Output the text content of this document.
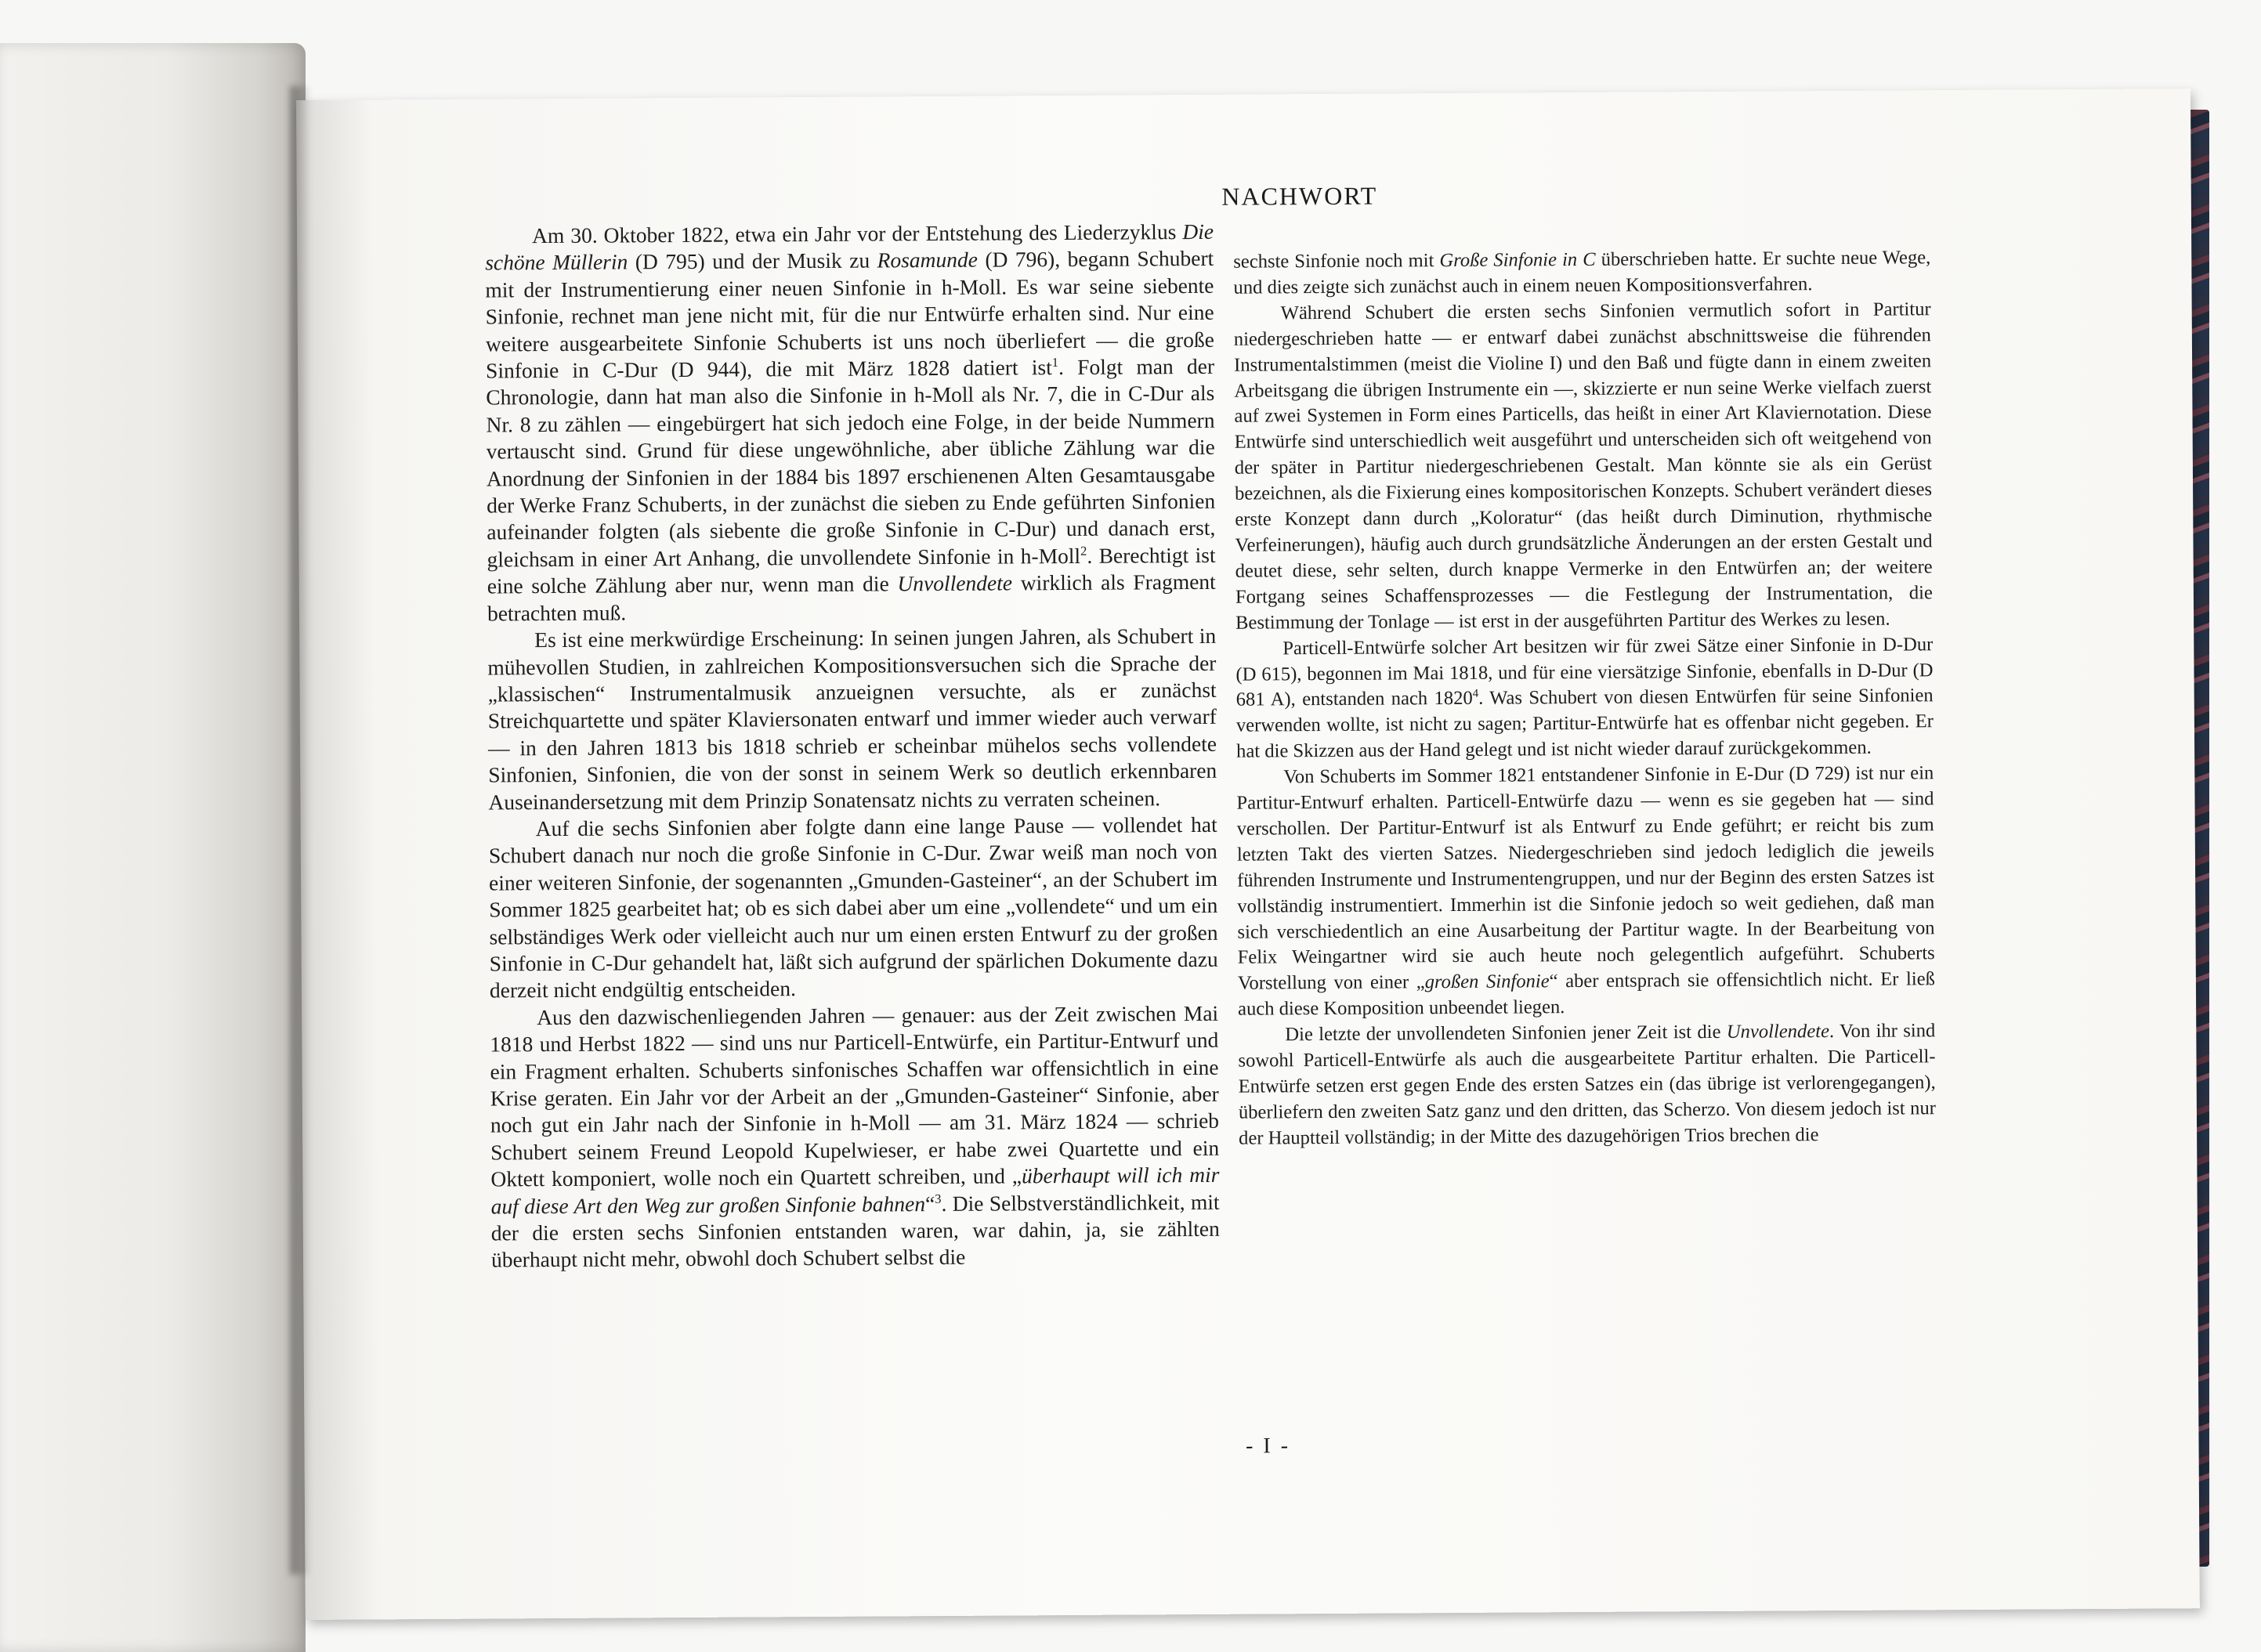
NACHWORT

Am 30. Oktober 1822, etwa ein Jahr vor der Entstehung des Liederzyklus Die schöne Müllerin (D 795) und der Musik zu Rosamunde (D 796), begann Schubert mit der Instrumentierung einer neuen Sinfonie in h-Moll. Es war seine siebente Sinfonie, rechnet man jene nicht mit, für die nur Entwürfe erhalten sind. Nur eine weitere ausgearbeitete Sinfonie Schuberts ist uns noch überliefert — die große Sinfonie in C-Dur (D 944), die mit März 1828 datiert ist$^1$. Folgt man der Chronologie, dann hat man also die Sinfonie in h-Moll als Nr. 7, die in C-Dur als Nr. 8 zu zählen — eingebürgert hat sich jedoch eine Folge, in der beide Nummern vertauscht sind. Grund für diese ungewöhnliche, aber übliche Zählung war die Anordnung der Sinfonien in der 1884 bis 1897 erschienenen Alten Gesamtausgabe der Werke Franz Schuberts, in der zunächst die sieben zu Ende geführten Sinfonien aufeinander folgten (als siebente die große Sinfonie in C-Dur) und danach erst, gleichsam in einer Art Anhang, die unvollendete Sinfonie in h-Moll$^2$. Berechtigt ist eine solche Zählung aber nur, wenn man die Unvollendete wirklich als Fragment betrachten muß.

Es ist eine merkwürdige Erscheinung: In seinen jungen Jahren, als Schubert in mühevollen Studien, in zahlreichen Kompositionsversuchen sich die Sprache der „klassischen“ Instrumentalmusik anzueignen versuchte, als er zunächst Streichquartette und später Klaviersonaten entwarf und immer wieder auch verwarf — in den Jahren 1813 bis 1818 schrieb er scheinbar mühelos sechs vollendete Sinfonien, Sinfonien, die von der sonst in seinem Werk so deutlich erkennbaren Auseinandersetzung mit dem Prinzip Sonatensatz nichts zu verraten scheinen.

Auf die sechs Sinfonien aber folgte dann eine lange Pause — vollendet hat Schubert danach nur noch die große Sinfonie in C-Dur. Zwar weiß man noch von einer weiteren Sinfonie, der sogenannten „Gmunden-Gasteiner“, an der Schubert im Sommer 1825 gearbeitet hat; ob es sich dabei aber um eine „vollendete“ und um ein selbständiges Werk oder vielleicht auch nur um einen ersten Entwurf zu der großen Sinfonie in C-Dur gehandelt hat, läßt sich aufgrund der spärlichen Dokumente dazu derzeit nicht endgültig entscheiden.

Aus den dazwischenliegenden Jahren — genauer: aus der Zeit zwischen Mai 1818 und Herbst 1822 — sind uns nur Particell-Entwürfe, ein Partitur-Entwurf und ein Fragment erhalten. Schuberts sinfonisches Schaffen war offensichtlich in eine Krise geraten. Ein Jahr vor der Arbeit an der „Gmunden-Gasteiner“ Sinfonie, aber noch gut ein Jahr nach der Sinfonie in h-Moll — am 31. März 1824 — schrieb Schubert seinem Freund Leopold Kupelwieser, er habe zwei Quartette und ein Oktett komponiert, wolle noch ein Quartett schreiben, und „überhaupt will ich mir auf diese Art den Weg zur großen Sinfonie bahnen“$^3$. Die Selbstverständlichkeit, mit der die ersten sechs Sinfonien entstanden waren, war dahin, ja, sie zählten überhaupt nicht mehr, obwohl doch Schubert selbst die

sechste Sinfonie noch mit Große Sinfonie in C überschrieben hatte. Er suchte neue Wege, und dies zeigte sich zunächst auch in einem neuen Kompositionsverfahren.

Während Schubert die ersten sechs Sinfonien vermutlich sofort in Partitur niedergeschrieben hatte — er entwarf dabei zunächst abschnittsweise die führenden Instrumentalstimmen (meist die Violine I) und den Baß und fügte dann in einem zweiten Arbeitsgang die übrigen Instrumente ein —, skizzierte er nun seine Werke vielfach zuerst auf zwei Systemen in Form eines Particells, das heißt in einer Art Klaviernotation. Diese Entwürfe sind unterschiedlich weit ausgeführt und unterscheiden sich oft weitgehend von der später in Partitur niedergeschriebenen Gestalt. Man könnte sie als ein Gerüst bezeichnen, als die Fixierung eines kompositorischen Konzepts. Schubert verändert dieses erste Konzept dann durch „Koloratur“ (das heißt durch Diminution, rhythmische Verfeinerungen), häufig auch durch grundsätzliche Änderungen an der ersten Gestalt und deutet diese, sehr selten, durch knappe Vermerke in den Entwürfen an; der weitere Fortgang seines Schaffensprozesses — die Festlegung der Instrumentation, die Bestimmung der Tonlage — ist erst in der ausgeführten Partitur des Werkes zu lesen.

Particell-Entwürfe solcher Art besitzen wir für zwei Sätze einer Sinfonie in D-Dur (D 615), begonnen im Mai 1818, und für eine viersätzige Sinfonie, ebenfalls in D-Dur (D 681 A), entstanden nach 1820$^4$. Was Schubert von diesen Entwürfen für seine Sinfonien verwenden wollte, ist nicht zu sagen; Partitur-Entwürfe hat es offenbar nicht gegeben. Er hat die Skizzen aus der Hand gelegt und ist nicht wieder darauf zurückgekommen.

Von Schuberts im Sommer 1821 entstandener Sinfonie in E-Dur (D 729) ist nur ein Partitur-Entwurf erhalten. Particell-Entwürfe dazu — wenn es sie gegeben hat — sind verschollen. Der Partitur-Entwurf ist als Entwurf zu Ende geführt; er reicht bis zum letzten Takt des vierten Satzes. Niedergeschrieben sind jedoch lediglich die jeweils führenden Instrumente und Instrumentengruppen, und nur der Beginn des ersten Satzes ist vollständig instrumentiert. Immerhin ist die Sinfonie jedoch so weit gediehen, daß man sich verschiedentlich an eine Ausarbeitung der Partitur wagte. In der Bearbeitung von Felix Weingartner wird sie auch heute noch gelegentlich aufgeführt. Schuberts Vorstellung von einer „großen Sinfonie“ aber entsprach sie offensichtlich nicht. Er ließ auch diese Komposition unbeendet liegen.

Die letzte der unvollendeten Sinfonien jener Zeit ist die Unvollendete. Von ihr sind sowohl Particell-Entwürfe als auch die ausgearbeitete Partitur erhalten. Die Particell-Entwürfe setzen erst gegen Ende des ersten Satzes ein (das übrige ist verlorengegangen), überliefern den zweiten Satz ganz und den dritten, das Scherzo. Von diesem jedoch ist nur der Hauptteil vollständig; in der Mitte des dazugehörigen Trios brechen die

- I -
